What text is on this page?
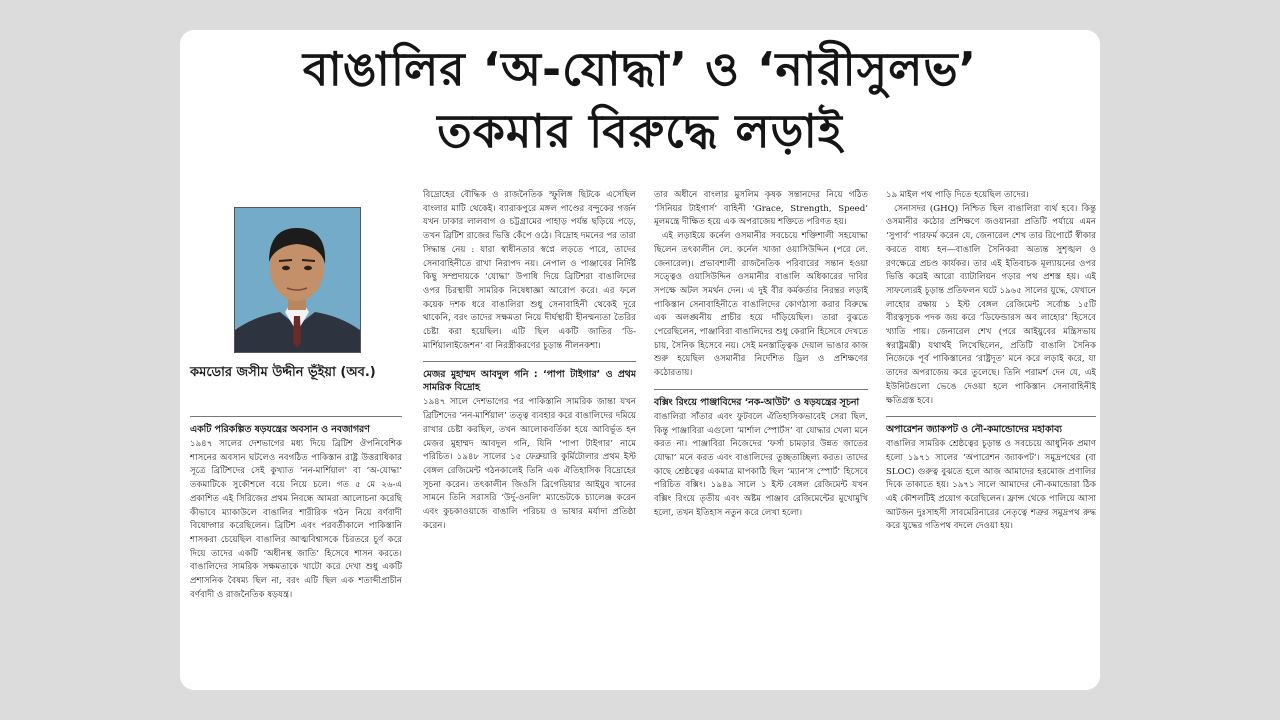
বাঙালির ‘অ-যোদ্ধা’ ও ‘নারীসুলভ’
তকমার বিরুদ্ধে লড়াই
কমডোর জসীম উদ্দীন ভূঁইয়া (অব.)
একটি পরিকল্পিত ষড়যন্ত্রের অবসান ও নবজাগরণ

১৯৪৭ সালের দেশভাগের মধ্য দিয়ে ব্রিটিশ ঔপনিবেশিক শাসনের অবসান ঘটলেও নবগঠিত পাকিস্তান রাষ্ট্র উত্তরাধিকার সূত্রে ব্রিটিশদের সেই কুখ্যাত ‘নন-মার্শিয়াল’ বা ‘অ-যোদ্ধা’ তকমাটিকে সুকৌশলে বয়ে নিয়ে চলে। গত ৫ মে ২৬-এ প্রকাশিত এই সিরিজের প্রথম নিবন্ধে আমরা আলোচনা করেছি কীভাবে ম্যাকাউলে বাঙালির শারীরিক গঠন নিয়ে বর্ণবাদী বিষোদ্গার করেছিলেন। ব্রিটিশ এবং পরবর্তীকালে পাকিস্তানি শাসকরা চেয়েছিল বাঙালির আত্মবিশ্বাসকে চিরতরে চূর্ণ করে দিয়ে তাদের একটি ‘অধীনস্থ জাতি’ হিসেবে শাসন করতে। বাঙালিদের সামরিক সক্ষমতাকে খাটো করে দেখা শুধু একটি প্রশাসনিক বৈষম্য ছিল না, বরং এটি ছিল এক শতাব্দীপ্রাচীন বর্ণবাদী ও রাজনৈতিক ষড়যন্ত্র।

বিদ্রোহের বৌদ্ধিক ও রাজনৈতিক স্ফুলিঙ্গ ছিটকে এসেছিল বাংলার মাটি থেকেই। ব্যারাকপুরে মঙ্গল পাণ্ডের বন্দুকের গর্জন যখন ঢাকার লালবাগ ও চট্টগ্রামের পাহাড় পর্যন্ত ছড়িয়ে পড়ে, তখন ব্রিটিশ রাজের ভিত্তি কেঁপে ওঠে। বিদ্রোহ দমনের পর তারা সিদ্ধান্ত নেয় : যারা স্বাধীনতার স্বপ্নে লড়তে পারে, তাদের সেনাবাহিনীতে রাখা নিরাপদ নয়। নেপাল ও পাঞ্জাবের নির্দিষ্ট কিছু সম্প্রদায়কে ‘যোদ্ধা’ উপাধি দিয়ে ব্রিটিশরা বাঙালিদের ওপর চিরস্থায়ী সামরিক নিষেধাজ্ঞা আরোপ করে। এর ফলে কয়েক দশক ধরে বাঙালিরা শুধু সেনাবাহিনী থেকেই দূরে থাকেনি, বরং তাদের সক্ষমতা নিয়ে দীর্ঘস্থায়ী হীনম্মন্যতা তৈরির চেষ্টা করা হয়েছিল। এটি ছিল একটি জাতির ‘ডি-মার্শিয়ালাইজেশন’ বা নিরস্ত্রীকরণের চূড়ান্ত নীলনকশা।

মেজর মুহাম্মদ আবদুল গনি : ‘পাপা টাইগার’ ও প্রথম সামরিক বিদ্রোহ

১৯৪৭ সালে দেশভাগের পর পাকিস্তানি সামরিক জান্তা যখন ব্রিটিশদের ‘নন-মার্শিয়াল’ তত্ত্ব ব্যবহার করে বাঙালিদের দমিয়ে রাখার চেষ্টা করছিল, তখন আলোকবর্তিকা হয়ে আবির্ভূত হন মেজর মুহাম্মদ আবদুল গনি, যিনি ‘পাপা টাইগার’ নামে পরিচিত। ১৯৪৮ সালের ১৫ ফেব্রুয়ারি কুর্মিটোলার প্রথম ইস্ট বেঙ্গল রেজিমেন্ট গঠনকালেই তিনি এক ঐতিহাসিক বিদ্রোহের সূচনা করেন। তৎকালীন জিওসি ব্রিগেডিয়ার আইয়ুব খানের সামনে তিনি সরাসরি ‘উর্দু-ওনলি’ ম্যান্ডেটকে চ্যালেঞ্জ করেন এবং কুচকাওয়াজে বাঙালি পরিচয় ও ভাষার মর্যাদা প্রতিষ্ঠা করেন।

তার অধীনে বাংলার মুসলিম কৃষক সন্তানদের নিয়ে গঠিত ‘সিনিয়র টাইগার্স’ বাহিনী ‘Grace, Strength, Speed’ মূলমন্ত্রে দীক্ষিত হয়ে এক অপরাজেয় শক্তিতে পরিণত হয়।

এই লড়াইয়ে কর্নেল ওসমানীর সবচেয়ে শক্তিশালী সহযোদ্ধা ছিলেন তৎকালীন লে. কর্নেল খাজা ওয়াসিউদ্দিন (পরে লে. জেনারেল)। প্রভাবশালী রাজনৈতিক পরিবারের সন্তান হওয়া সত্ত্বেও ওয়াসিউদ্দিন ওসমানীর বাঙালি অধিকারের দাবির সপক্ষে অটল সমর্থন দেন। এ দুই বীর কর্মকর্তার নিরন্তর লড়াই পাকিস্তান সেনাবাহিনীতে বাঙালিদের কোণঠাসা করার বিরুদ্ধে এক অলঙ্ঘনীয় প্রাচীর হয়ে দাঁড়িয়েছিল। তারা বুঝতে পেরেছিলেন, পাঞ্জাবিরা বাঙালিদের শুধু কেরানি হিসেবে দেখতে চায়, সৈনিক হিসেবে নয়। সেই মনস্তাত্ত্বিক দেয়াল ভাঙার কাজ শুরু হয়েছিল ওসমানীর নির্দেশিত ড্রিল ও প্রশিক্ষণের কঠোরতায়।

বক্সিং রিংয়ে পাঞ্জাবিদের ‘নক-আউট’ ও ষড়যন্ত্রের সূচনা

বাঙালিরা সাঁতার এবং ফুটবলে ঐতিহাসিকভাবেই সেরা ছিল, কিন্তু পাঞ্জাবিরা এগুলো ‘মার্শাল স্পোর্টস’ বা যোদ্ধার খেলা মনে করত না। পাঞ্জাবিরা নিজেদের ‘ফর্সা চামড়ার উন্নত জাতের যোদ্ধা’ মনে করত এবং বাঙালিদের তুচ্ছতাচ্ছিল্য করত। তাদের কাছে শ্রেষ্ঠত্বের একমাত্র মাপকাঠি ছিল ‘ম্যান’স স্পোর্ট’ হিসেবে পরিচিত বক্সিং। ১৯৪৯ সালে ১ ইস্ট বেঙ্গল রেজিমেন্ট যখন বক্সিং রিংয়ে তৃতীয় এবং অষ্টম পাঞ্জাব রেজিমেন্টের মুখোমুখি হলো, তখন ইতিহাস নতুন করে লেখা হলো।

১৯ মাইল পথ পাড়ি দিতে হয়েছিল তাদের।

সেনাসদর (GHQ) নিশ্চিত ছিল বাঙালিরা ব্যর্থ হবে। কিন্তু ওসমানীর কঠোর প্রশিক্ষণে জওয়ানরা প্রতিটি পর্যায়ে এমন ‘সুপার্ব’ পারফর্ম করেন যে, জেনারেল শেখ তার রিপোর্টে স্বীকার করতে বাধ্য হন—বাঙালি সৈনিকরা অত্যন্ত সুশৃঙ্খল ও রণক্ষেত্রে প্রচণ্ড কার্যকর। তার এই ইতিবাচক মূল্যায়নের ওপর ভিত্তি করেই আরো ব্যাটালিয়ন গড়ার পথ প্রশস্ত হয়। এই সাফল্যেরই চূড়ান্ত প্রতিফলন ঘটে ১৯৬৫ সালের যুদ্ধে, যেখানে লাহোর রক্ষায় ১ ইস্ট বেঙ্গল রেজিমেন্ট সর্বোচ্চ ১৫টি বীরত্বসূচক পদক জয় করে ‘ডিফেন্ডারস অব লাহোর’ হিসেবে খ্যাতি পায়। জেনারেল শেখ (পরে আইয়ুবের মন্ত্রিসভায় স্বরাষ্ট্রমন্ত্রী) যথার্থই লিখেছিলেন, প্রতিটি বাঙালি সৈনিক নিজেকে পূর্ব পাকিস্তানের ‘রাষ্ট্রদূত’ মনে করে লড়াই করে, যা তাদের অপরাজেয় করে তুলেছে। তিনি পরামর্শ দেন যে, এই ইউনিটগুলো ভেঙে দেওয়া হলে পাকিস্তান সেনাবাহিনীই ক্ষতিগ্রস্ত হবে।

অপারেশন জ্যাকপট ও নৌ-কমান্ডোদের মহাকাব্য

বাঙালির সামরিক শ্রেষ্ঠত্বের চূড়ান্ত ও সবচেয়ে আধুনিক প্রমাণ হলো ১৯৭১ সালের ‘অপারেশন জ্যাকপট’। সমুদ্রপথের (বা SLOC) গুরুত্ব বুঝতে হলে আজ আমাদের হরমোজ প্রণালির দিকে তাকাতে হয়। ১৯৭১ সালে আমাদের নৌ-কমান্ডোরা ঠিক এই কৌশলটিই প্রয়োগ করেছিলেন। ফ্রান্স থেকে পালিয়ে আসা আটজন দুঃসাহসী সাবমেরিনারের নেতৃত্বে শত্রুর সমুদ্রপথ রুদ্ধ করে যুদ্ধের গতিপথ বদলে দেওয়া হয়।
